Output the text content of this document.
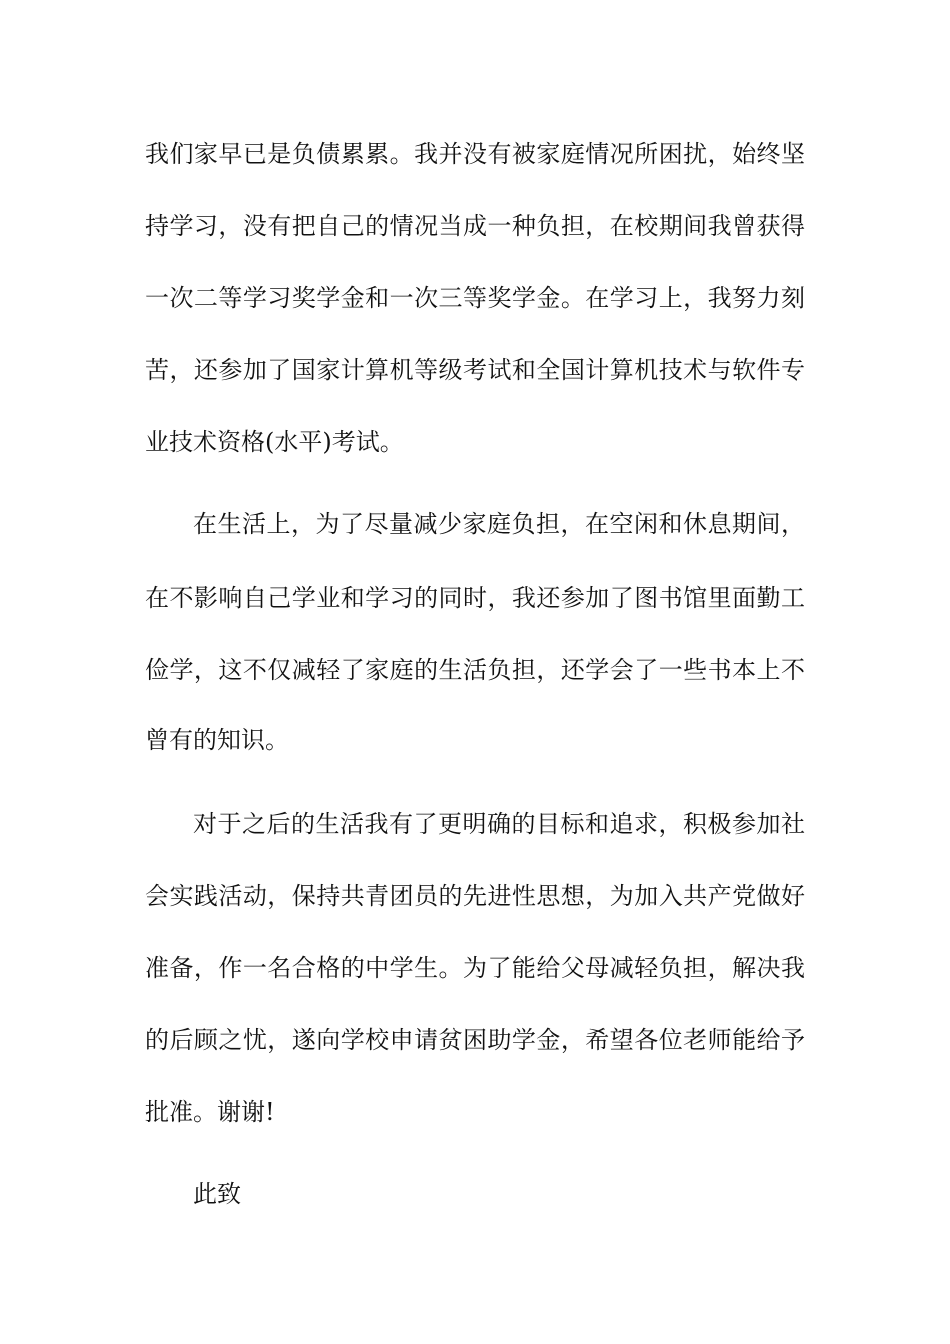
我们家早已是负债累累。我并没有被家庭情况所困扰，始终坚
持学习，没有把自己的情况当成一种负担，在校期间我曾获得
一次二等学习奖学金和一次三等奖学金。在学习上，我努力刻
苦，还参加了国家计算机等级考试和全国计算机技术与软件专
业技术资格(水平)考试。
在生活上，为了尽量减少家庭负担，在空闲和休息期间，
在不影响自己学业和学习的同时，我还参加了图书馆里面勤工
俭学，这不仅减轻了家庭的生活负担，还学会了一些书本上不
曾有的知识。
对于之后的生活我有了更明确的目标和追求，积极参加社
会实践活动，保持共青团员的先进性思想，为加入共产党做好
准备，作一名合格的中学生。为了能给父母减轻负担，解决我
的后顾之忧，遂向学校申请贫困助学金，希望各位老师能给予
批准。谢谢!
此致
